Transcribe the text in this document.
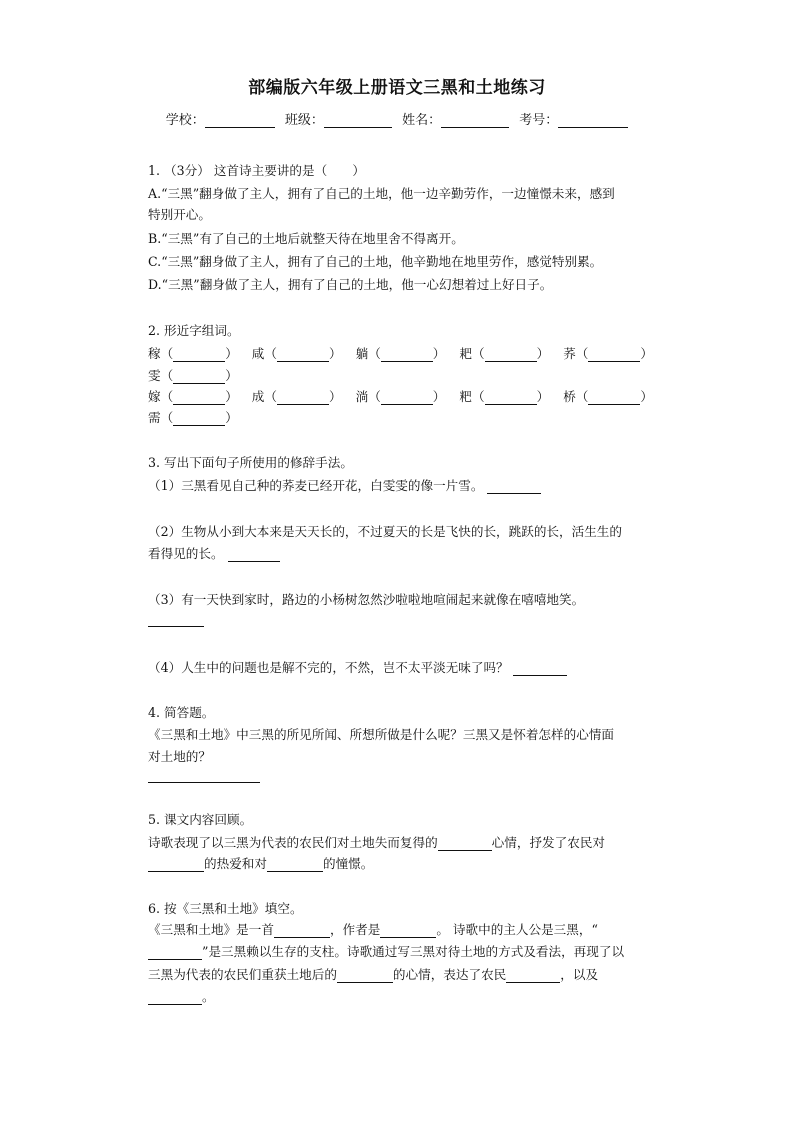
部编版六年级上册语文三黑和土地练习
学校：	班级：	姓名：	考号：
1. （3分） 这首诗主要讲的是（　　）
A.“三黑”翻身做了主人，拥有了自己的土地，他一边辛勤劳作，一边憧憬未来，感到
特别开心。
B.“三黑”有了自己的土地后就整天待在地里舍不得离开。
C.“三黑”翻身做了主人，拥有了自己的土地，他辛勤地在地里劳作，感觉特别累。
D.“三黑”翻身做了主人，拥有了自己的土地，他一心幻想着过上好日子。
2. 形近字组词。
稼（	） 咸（	） 躺（	） 耙（	） 荞（	）
雯（	）
嫁（	） 成（	） 淌（	） 粑（	） 桥（	）
需（	）
3. 写出下面句子所使用的修辞手法。
（1）三黑看见自己种的荞麦已经开花，白雯雯的像一片雪。
（2）生物从小到大本来是天天长的，不过夏天的长是飞快的长，跳跃的长，活生生的
看得见的长。
（3）有一天快到家时，路边的小杨树忽然沙啦啦地喧闹起来就像在嘻嘻地笑。
（4）人生中的问题也是解不完的，不然，岂不太平淡无味了吗？
4. 简答题。
《三黑和土地》中三黑的所见所闻、所想所做是什么呢？三黑又是怀着怎样的心情面
对土地的？
5. 课文内容回顾。
诗歌表现了以三黑为代表的农民们对土地失而复得的	心情，抒发了农民对
的热爱和对	的憧憬。
6. 按《三黑和土地》填空。
《三黑和土地》是一首	，作者是	。 诗歌中的主人公是三黑，“
”是三黑赖以生存的支柱。诗歌通过写三黑对待土地的方式及看法，再现了以
三黑为代表的农民们重获土地后的	的心情，表达了农民	，以及
。
